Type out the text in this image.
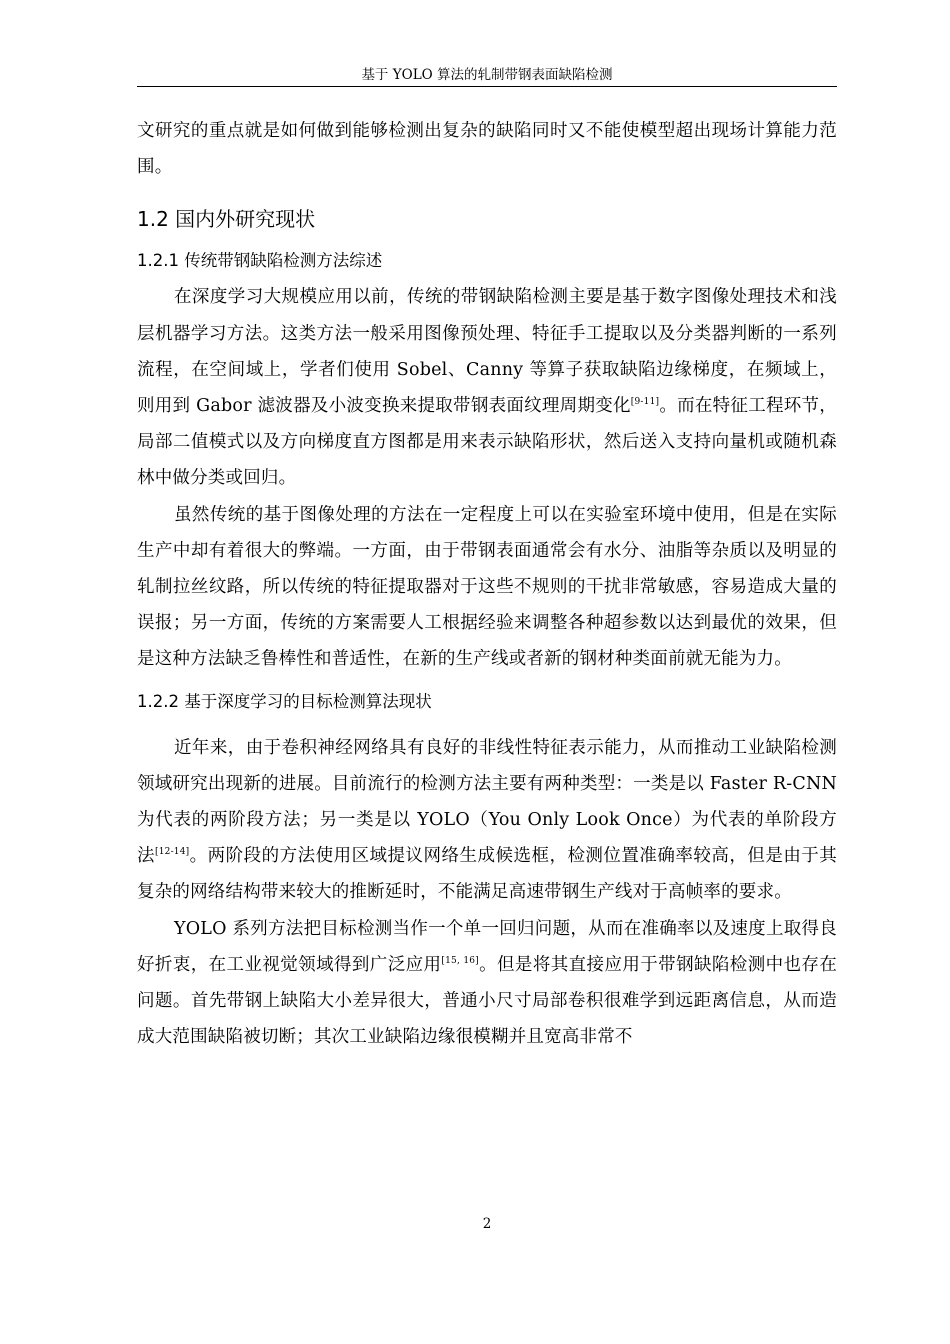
基于 YOLO 算法的轧制带钢表面缺陷检测

文研究的重点就是如何做到能够检测出复杂的缺陷同时又不能使模型超出现场计算能力范围。

1.2 国内外研究现状
1.2.1 传统带钢缺陷检测方法综述

在深度学习大规模应用以前，传统的带钢缺陷检测主要是基于数字图像处理技术和浅层机器学习方法。这类方法一般采用图像预处理、特征手工提取以及分类器判断的一系列流程，在空间域上，学者们使用 Sobel、Canny 等算子获取缺陷边缘梯度，在频域上，则用到 Gabor 滤波器及小波变换来提取带钢表面纹理周期变化[9-11]。而在特征工程环节，局部二值模式以及方向梯度直方图都是用来表示缺陷形状，然后送入支持向量机或随机森林中做分类或回归。

虽然传统的基于图像处理的方法在一定程度上可以在实验室环境中使用，但是在实际生产中却有着很大的弊端。一方面，由于带钢表面通常会有水分、油脂等杂质以及明显的轧制拉丝纹路，所以传统的特征提取器对于这些不规则的干扰非常敏感，容易造成大量的误报；另一方面，传统的方案需要人工根据经验来调整各种超参数以达到最优的效果，但是这种方法缺乏鲁棒性和普适性，在新的生产线或者新的钢材种类面前就无能为力。

1.2.2 基于深度学习的目标检测算法现状

近年来，由于卷积神经网络具有良好的非线性特征表示能力，从而推动工业缺陷检测领域研究出现新的进展。目前流行的检测方法主要有两种类型：一类是以 Faster R-CNN 为代表的两阶段方法；另一类是以 YOLO（You Only Look Once）为代表的单阶段方法[12-14]。两阶段的方法使用区域提议网络生成候选框，检测位置准确率较高，但是由于其复杂的网络结构带来较大的推断延时，不能满足高速带钢生产线对于高帧率的要求。

YOLO 系列方法把目标检测当作一个单一回归问题，从而在准确率以及速度上取得良好折衷，在工业视觉领域得到广泛应用[15, 16]。但是将其直接应用于带钢缺陷检测中也存在问题。首先带钢上缺陷大小差异很大，普通小尺寸局部卷积很难学到远距离信息，从而造成大范围缺陷被切断；其次工业缺陷边缘很模糊并且宽高非常不

2
